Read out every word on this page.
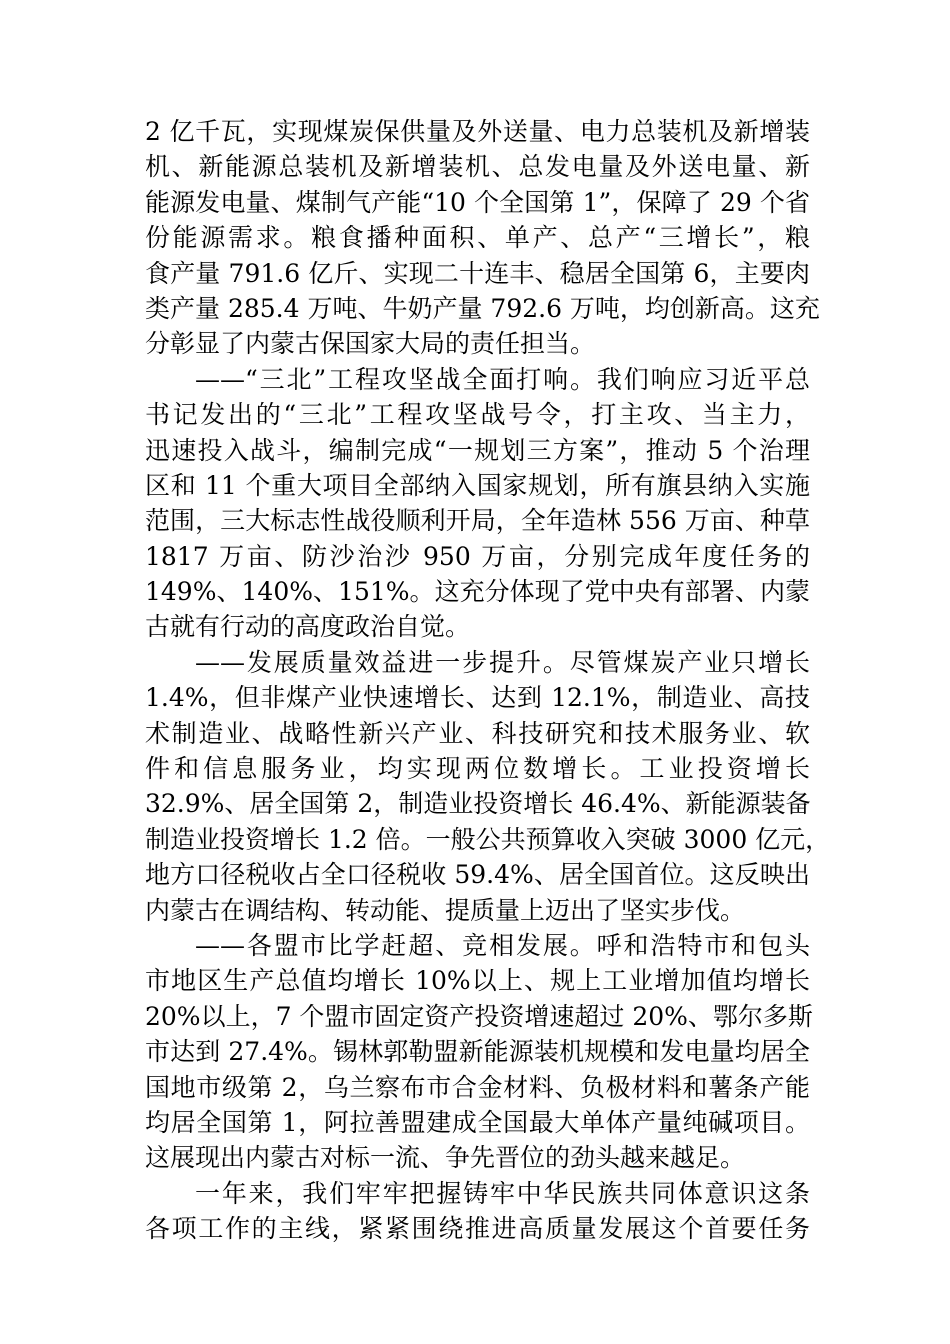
2 亿千瓦，实现煤炭保供量及外送量、电力总装机及新增装
机、新能源总装机及新增装机、总发电量及外送电量、新
能源发电量、煤制气产能“10 个全国第 1”，保障了 29 个省
份能源需求。粮食播种面积、单产、总产“三增长”，粮
食产量 791.6 亿斤、实现二十连丰、稳居全国第 6，主要肉
类产量 285.4 万吨、牛奶产量 792.6 万吨，均创新高。这充
分彰显了内蒙古保国家大局的责任担当。
——“三北”工程攻坚战全面打响。我们响应习近平总
书记发出的“三北”工程攻坚战号令，打主攻、当主力，
迅速投入战斗，编制完成“一规划三方案”，推动 5 个治理
区和 11 个重大项目全部纳入国家规划，所有旗县纳入实施
范围，三大标志性战役顺利开局，全年造林 556 万亩、种草
1817 万亩、防沙治沙 950 万亩，分别完成年度任务的
149%、140%、151%。这充分体现了党中央有部署、内蒙
古就有行动的高度政治自觉。
——发展质量效益进一步提升。尽管煤炭产业只增长
1.4%，但非煤产业快速增长、达到 12.1%，制造业、高技
术制造业、战略性新兴产业、科技研究和技术服务业、软
件和信息服务业，均实现两位数增长。工业投资增长
32.9%、居全国第 2，制造业投资增长 46.4%、新能源装备
制造业投资增长 1.2 倍。一般公共预算收入突破 3000 亿元，
地方口径税收占全口径税收 59.4%、居全国首位。这反映出
内蒙古在调结构、转动能、提质量上迈出了坚实步伐。
——各盟市比学赶超、竞相发展。呼和浩特市和包头
市地区生产总值均增长 10%以上、规上工业增加值均增长
20%以上，7 个盟市固定资产投资增速超过 20%、鄂尔多斯
市达到 27.4%。锡林郭勒盟新能源装机规模和发电量均居全
国地市级第 2，乌兰察布市合金材料、负极材料和薯条产能
均居全国第 1，阿拉善盟建成全国最大单体产量纯碱项目。
这展现出内蒙古对标一流、争先晋位的劲头越来越足。
一年来，我们牢牢把握铸牢中华民族共同体意识这条
各项工作的主线，紧紧围绕推进高质量发展这个首要任务
